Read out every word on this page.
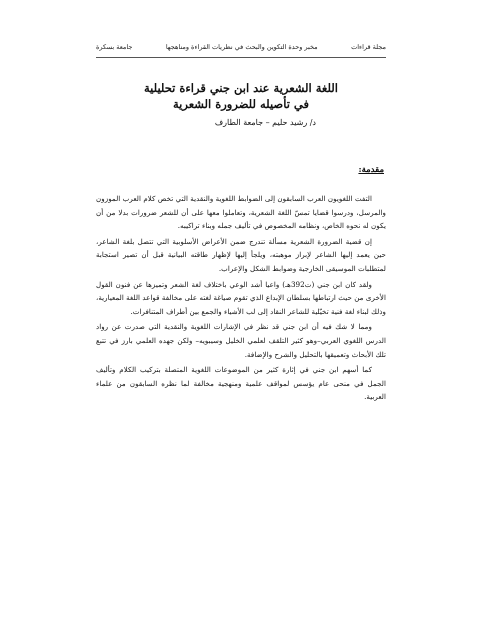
مجلة قراءات
مخبر وحدة التكوين والبحث في نظريات القراءة ومناهجها
جامعة بسكرة

اللغة الشعرية عند ابن جني قراءة تحليلية

في تأصيله للضرورة الشعرية

د/ رشيد حليم – جامعة الطارف

مقدمة:

التفت اللغويون العرب السابقون إلى الضوابط اللغوية والنقدية التي تخص كلام العرب الموزون والمرسل، ودرسوا قضايا تمسّ اللغة الشعرية، وتعاملوا معها على أن للشعر ضرورات بدلا من أن يكون له نحوه الخاص، ونظامه المخصوص في تأليف جمله وبناء تراكيبه.

إن قضية الضرورة الشعرية مسألة تندرج ضمن الأعراض الأسلوبية التي تتصل بلغة الشاعر، حين يعمد إليها الشاعر لإبراز موهبته، ويلجأ إليها لإظهار طاقته البيانية قبل أن تصير استجابة لمتطلبات الموسيقى الخارجية وضوابط الشكل والإعراب.

ولقد كان ابن جني (ت392هـ) واعيا أشد الوعي باختلاف لغة الشعر وتميزها عن فنون القول الأخرى من حيث ارتباطها بسلطان الإبداع الذي تقوم صياغة لغته على مخالفة قواعد اللغة المعيارية، وذلك لبناء لغة فنية تخيّلية للشاعر النقاد إلى لب الأشياء والجمع بين أطراف المتنافرات.

ومما لا شك فيه أن ابن جني قد نظر في الإشارات اللغوية والنقدية التي صدرت عن رواد الدرس اللغوي العربي–وهو كثير التلقف لعلمي الخليل وسيبويه– ولكن جهده العلمي بارز في تتبع تلك الأبحاث وتعميقها بالتحليل والشرح والإضافة.

كما أسهم ابن جني في إثارة كثير من الموضوعات اللغوية المتصلة بتركيب الكلام وتأليف الجمل في منحى عام يؤسس لمواقف علمية ومنهجية مخالفة لما نظره السابقون من علماء العربية.
